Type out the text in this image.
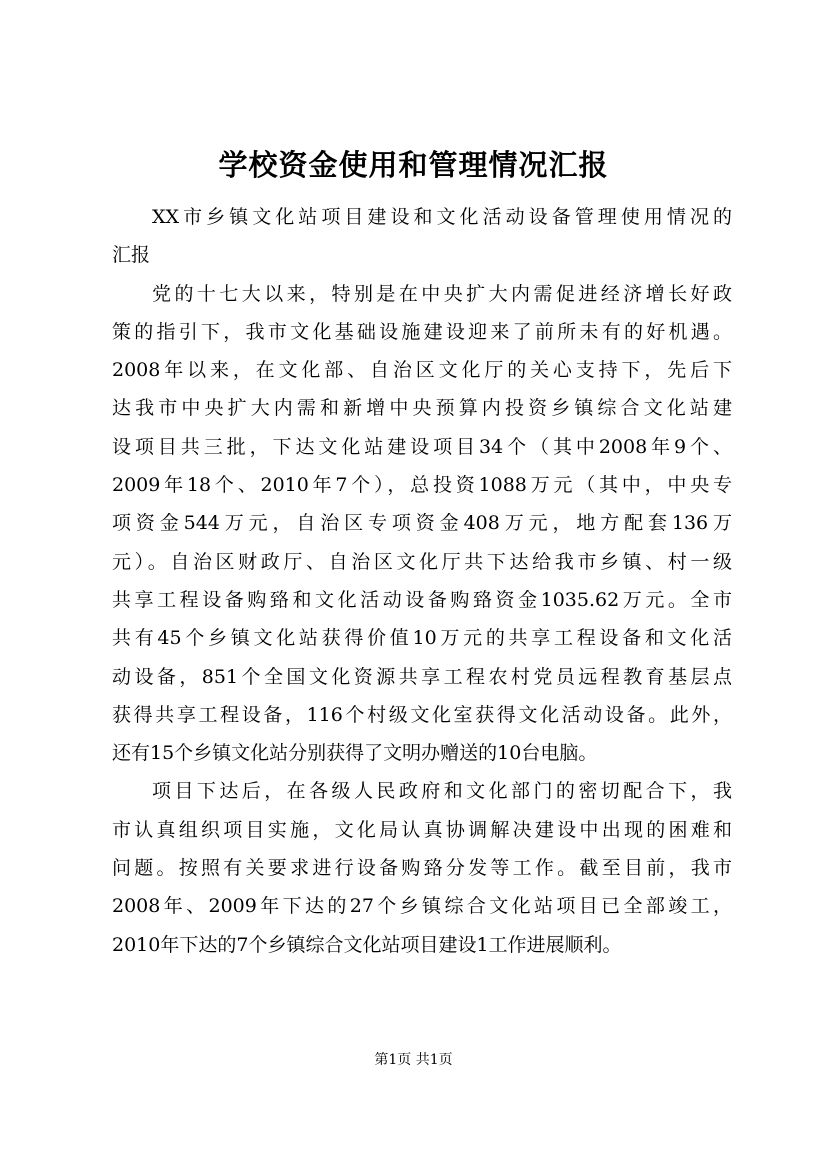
学校资金使用和管理情况汇报
XX市乡镇文化站项目建设和文化活动设备管理使用情况的
汇报
党的十七大以来，特别是在中央扩大内需促进经济增长好政
策的指引下，我市文化基础设施建设迎来了前所未有的好机遇。
2008年以来，在文化部、自治区文化厅的关心支持下，先后下
达我市中央扩大内需和新增中央预算内投资乡镇综合文化站建
设项目共三批，下达文化站建设项目34个（其中2008年9个、
2009年18个、2010年7个），总投资1088万元（其中，中央专
项资金544万元，自治区专项资金408万元，地方配套136万
元）。自治区财政厅、自治区文化厅共下达给我市乡镇、村一级
共享工程设备购臵和文化活动设备购臵资金1035.62万元。全市
共有45个乡镇文化站获得价值10万元的共享工程设备和文化活
动设备，851个全国文化资源共享工程农村党员远程教育基层点
获得共享工程设备，116个村级文化室获得文化活动设备。此外，
还有15个乡镇文化站分别获得了文明办赠送的10台电脑。
项目下达后，在各级人民政府和文化部门的密切配合下，我
市认真组织项目实施，文化局认真协调解决建设中出现的困难和
问题。按照有关要求进行设备购臵分发等工作。截至目前，我市
2008年、2009年下达的27个乡镇综合文化站项目已全部竣工，
2010年下达的7个乡镇综合文化站项目建设1工作进展顺利。
第1页 共1页
